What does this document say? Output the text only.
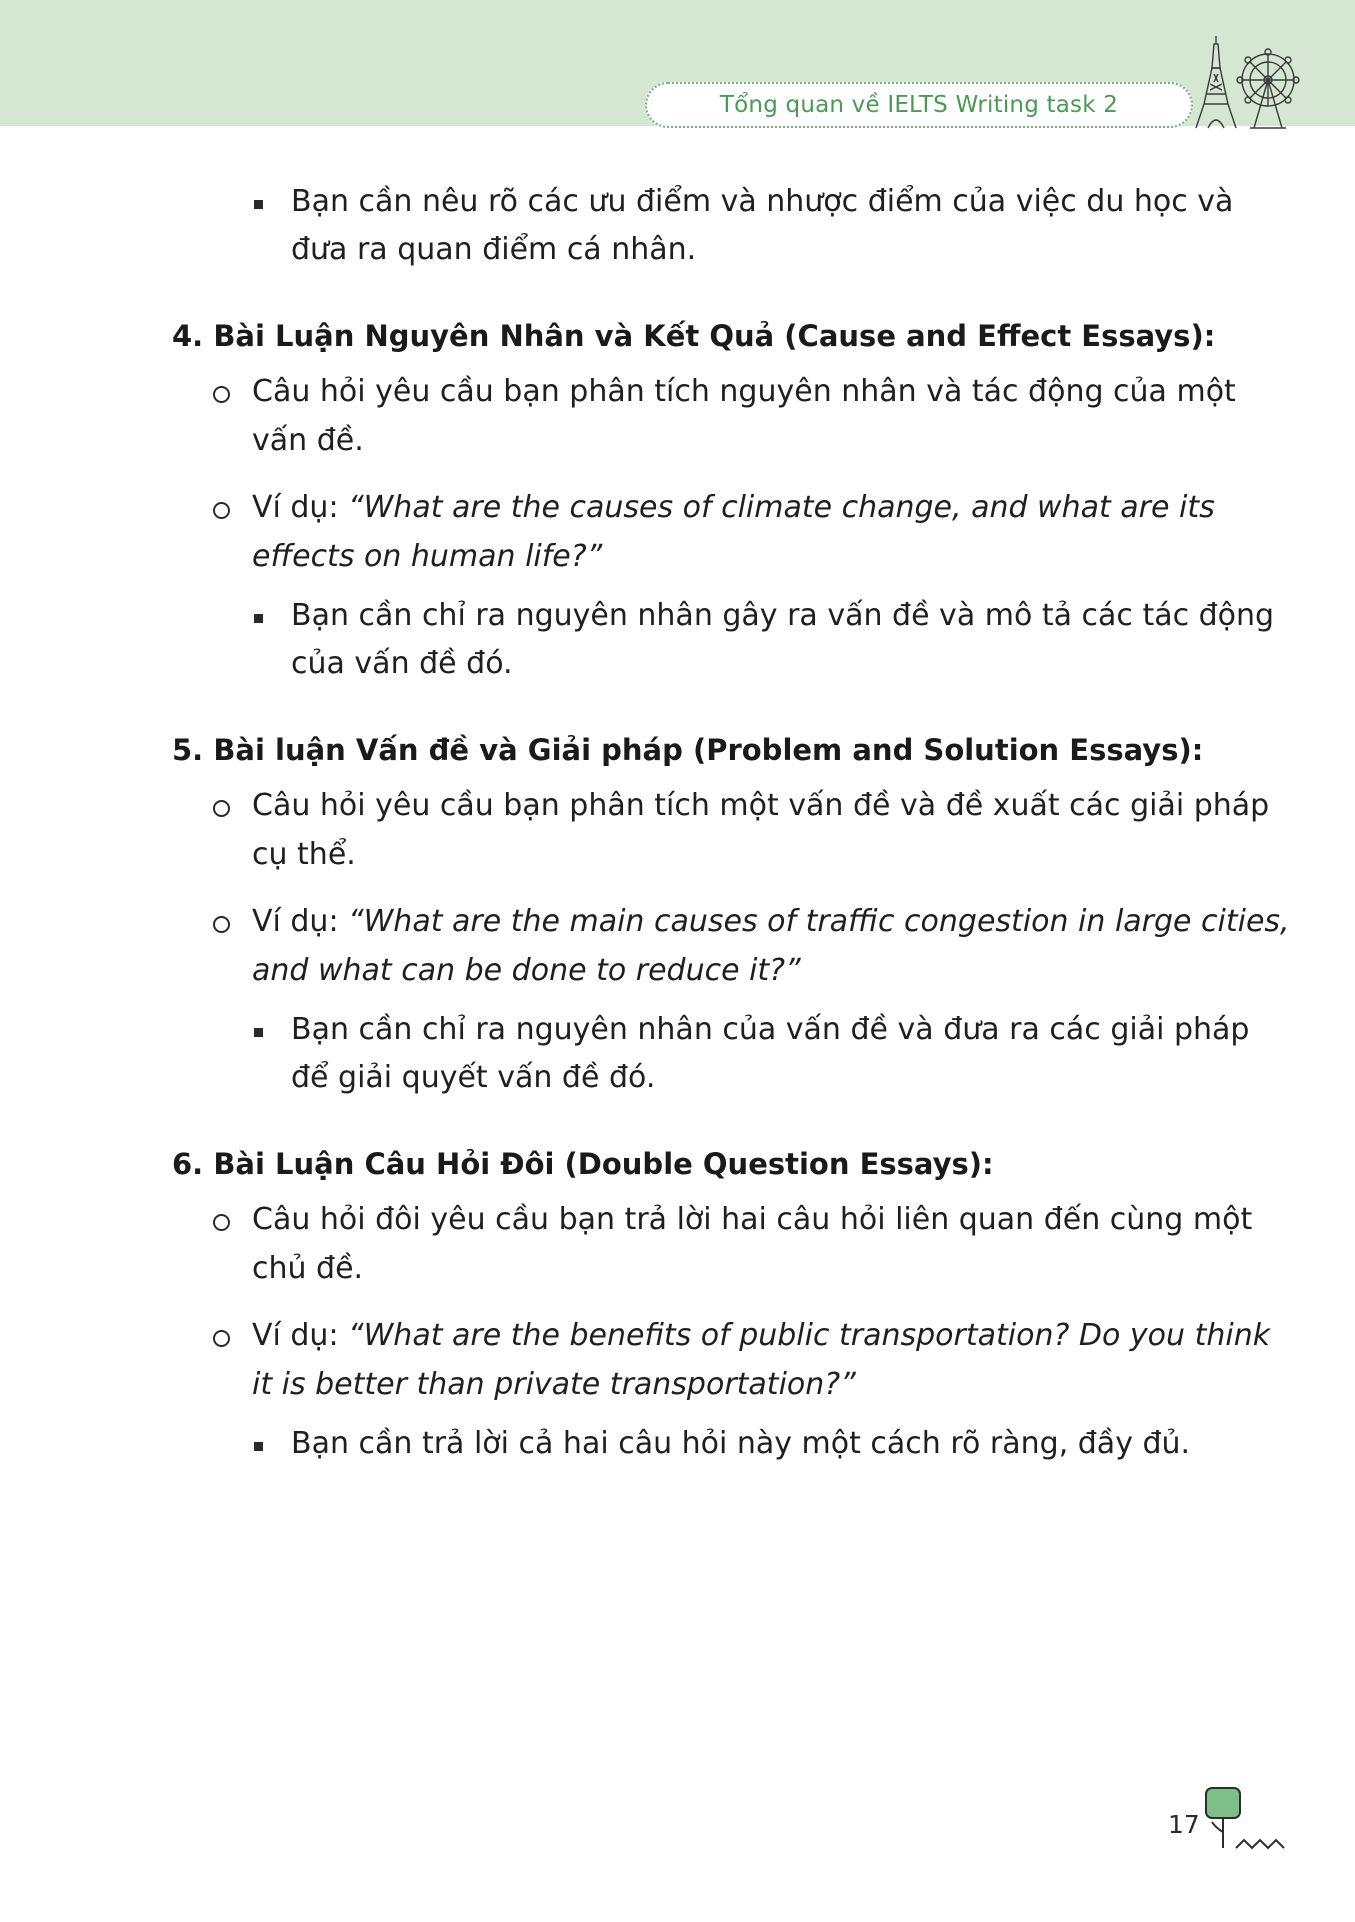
Tổng quan về IELTS Writing task 2
Bạn cần nêu rõ các ưu điểm và nhược điểm của việc du học và
đưa ra quan điểm cá nhân.
4. Bài Luận Nguyên Nhân và Kết Quả (Cause and Effect Essays):
Câu hỏi yêu cầu bạn phân tích nguyên nhân và tác động của một
vấn đề.
Ví dụ: “What are the causes of climate change, and what are its
effects on human life?”
Bạn cần chỉ ra nguyên nhân gây ra vấn đề và mô tả các tác động
của vấn đề đó.
5. Bài luận Vấn đề và Giải pháp (Problem and Solution Essays):
Câu hỏi yêu cầu bạn phân tích một vấn đề và đề xuất các giải pháp
cụ thể.
Ví dụ: “What are the main causes of traffic congestion in large cities,
and what can be done to reduce it?”
Bạn cần chỉ ra nguyên nhân của vấn đề và đưa ra các giải pháp
để giải quyết vấn đề đó.
6. Bài Luận Câu Hỏi Đôi (Double Question Essays):
Câu hỏi đôi yêu cầu bạn trả lời hai câu hỏi liên quan đến cùng một
chủ đề.
Ví dụ: “What are the benefits of public transportation? Do you think
it is better than private transportation?”
Bạn cần trả lời cả hai câu hỏi này một cách rõ ràng, đầy đủ.
17
